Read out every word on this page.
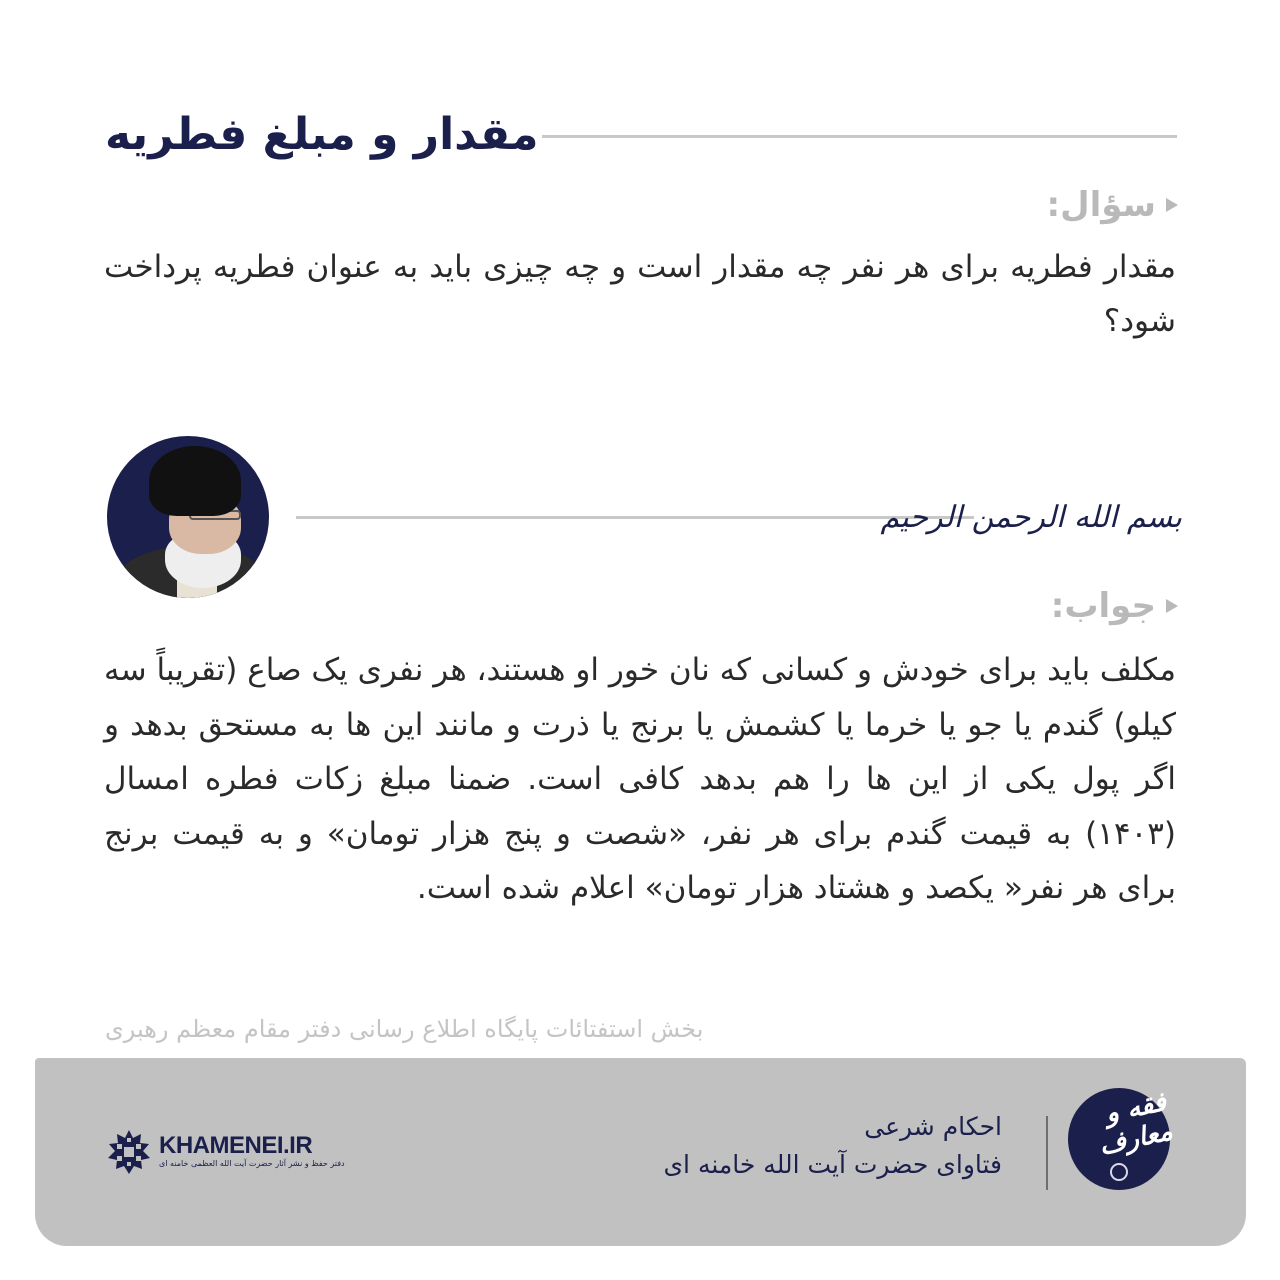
مقدار و مبلغ فطریه
سؤال:

مقدار فطریه برای هر نفر چه مقدار است و چه چیزی باید به عنوان فطریه پرداخت شود؟

بسم الله الرحمن الرحیم
جواب:

مکلف باید برای خودش و کسانی که نان خور او هستند، هر نفری یک صاع (تقریباً سه کیلو) گندم یا جو یا خرما یا کشمش یا برنج یا ذرت و مانند این ها به مستحق بدهد و اگر پول یکی از این ها را هم بدهد کافی است. ضمنا مبلغ زکات فطره امسال (۱۴۰۳) به قیمت گندم برای هر نفر، «شصت و پنج هزار تومان» و به قیمت برنج برای هر نفر« یکصد و هشتاد هزار تومان» اعلام شده است.

بخش استفتائات پایگاه اطلاع رسانی دفتر مقام معظم رهبری
KHAMENEI.IR
دفتر حفظ و نشر آثار حضرت آیت الله العظمی خامنه ای
احکام شرعی
فتاوای حضرت آیت الله خامنه ای
فقه و معارف
